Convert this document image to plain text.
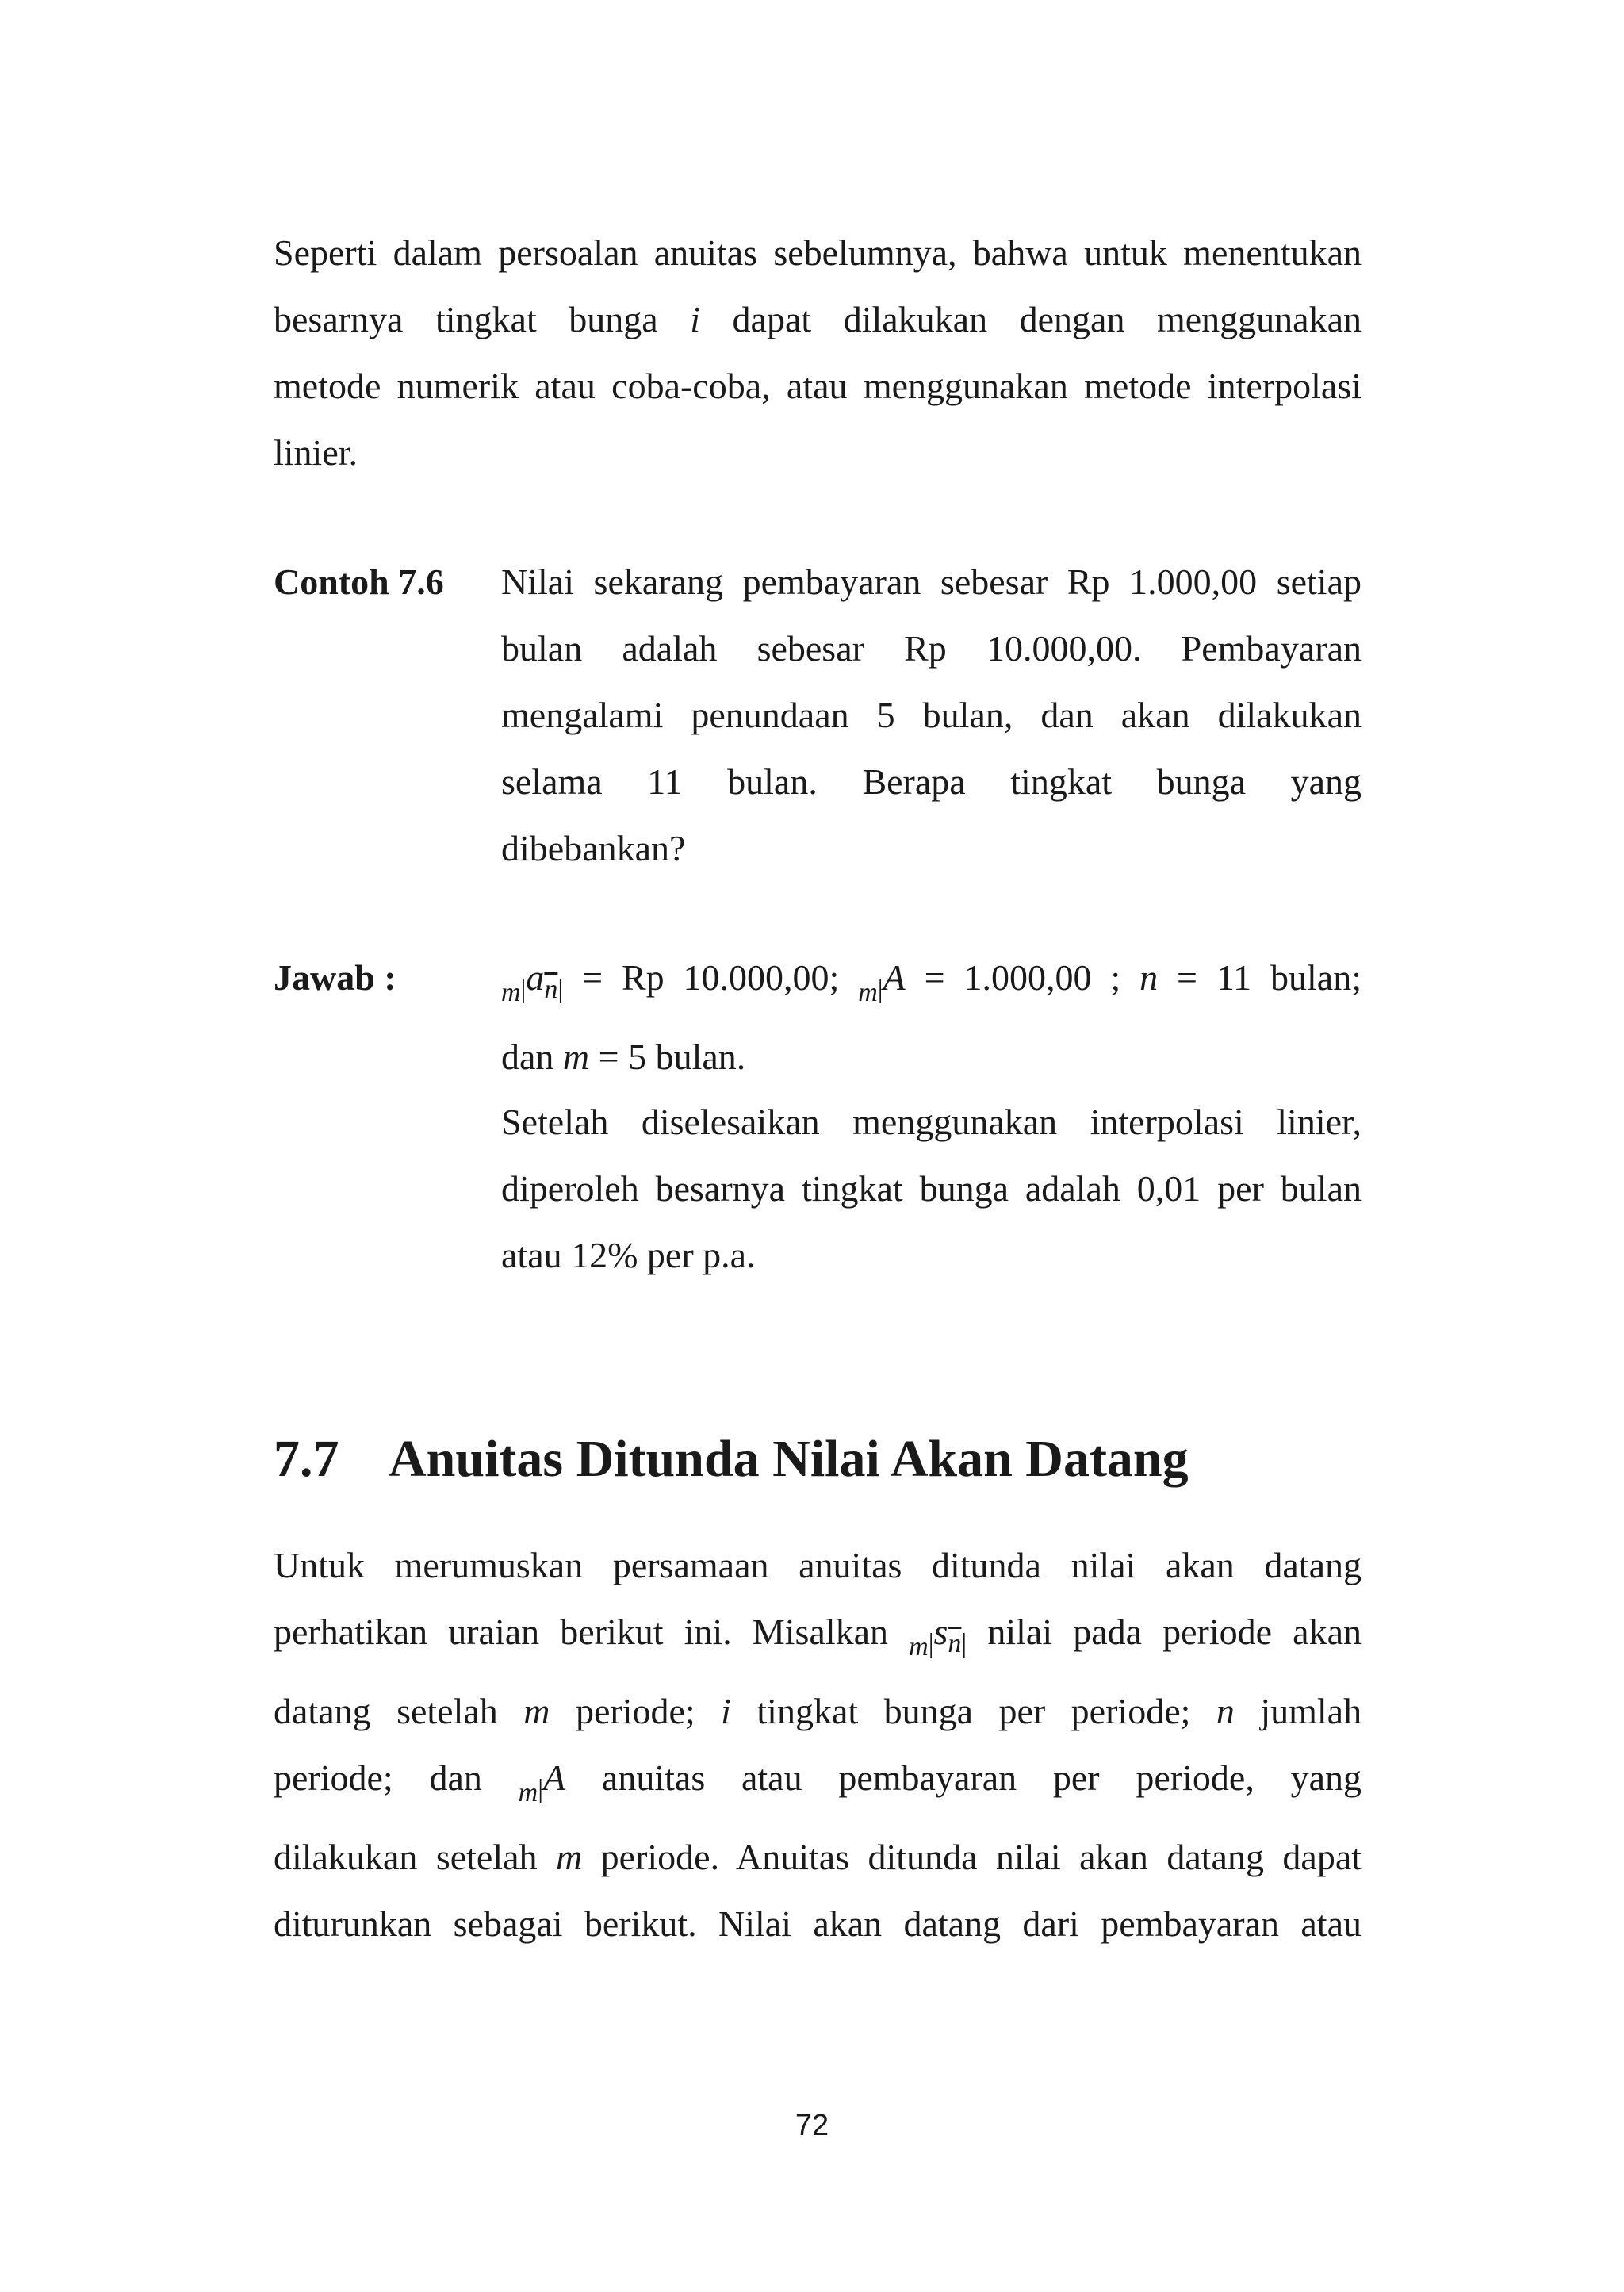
Seperti dalam persoalan anuitas sebelumnya, bahwa untuk menentukan
besarnya tingkat bunga i dapat dilakukan dengan menggunakan
metode numerik atau coba-coba, atau menggunakan metode interpolasi
linier.
Contoh 7.6 Nilai sekarang pembayaran sebesar Rp 1.000,00 setiap
bulan adalah sebesar Rp 10.000,00. Pembayaran
mengalami penundaan 5 bulan, dan akan dilakukan
selama 11 bulan. Berapa tingkat bunga yang
dibebankan?
Jawab :	$_{m|}a_{\overline{n}|} = Rp$ 10.000,00; $_{m|}$A = 1.000,00 ; n = 11 bulan;
dan m = 5 bulan.
Setelah diselesaikan menggunakan interpolasi linier,
diperoleh besarnya tingkat bunga adalah 0,01 per bulan
atau 12% per p.a.
7.7 Anuitas Ditunda Nilai Akan Datang
Untuk merumuskan persamaan anuitas ditunda nilai akan datang
perhatikan uraian berikut ini. Misalkan $_{m|}s_{\overline{n}|}$ nilai pada periode akan
datang setelah m periode; i tingkat bunga per periode; n jumlah
periode; dan $_{m|}$A anuitas atau pembayaran per periode, yang
dilakukan setelah m periode. Anuitas ditunda nilai akan datang dapat
diturunkan sebagai berikut. Nilai akan datang dari pembayaran atau
72
